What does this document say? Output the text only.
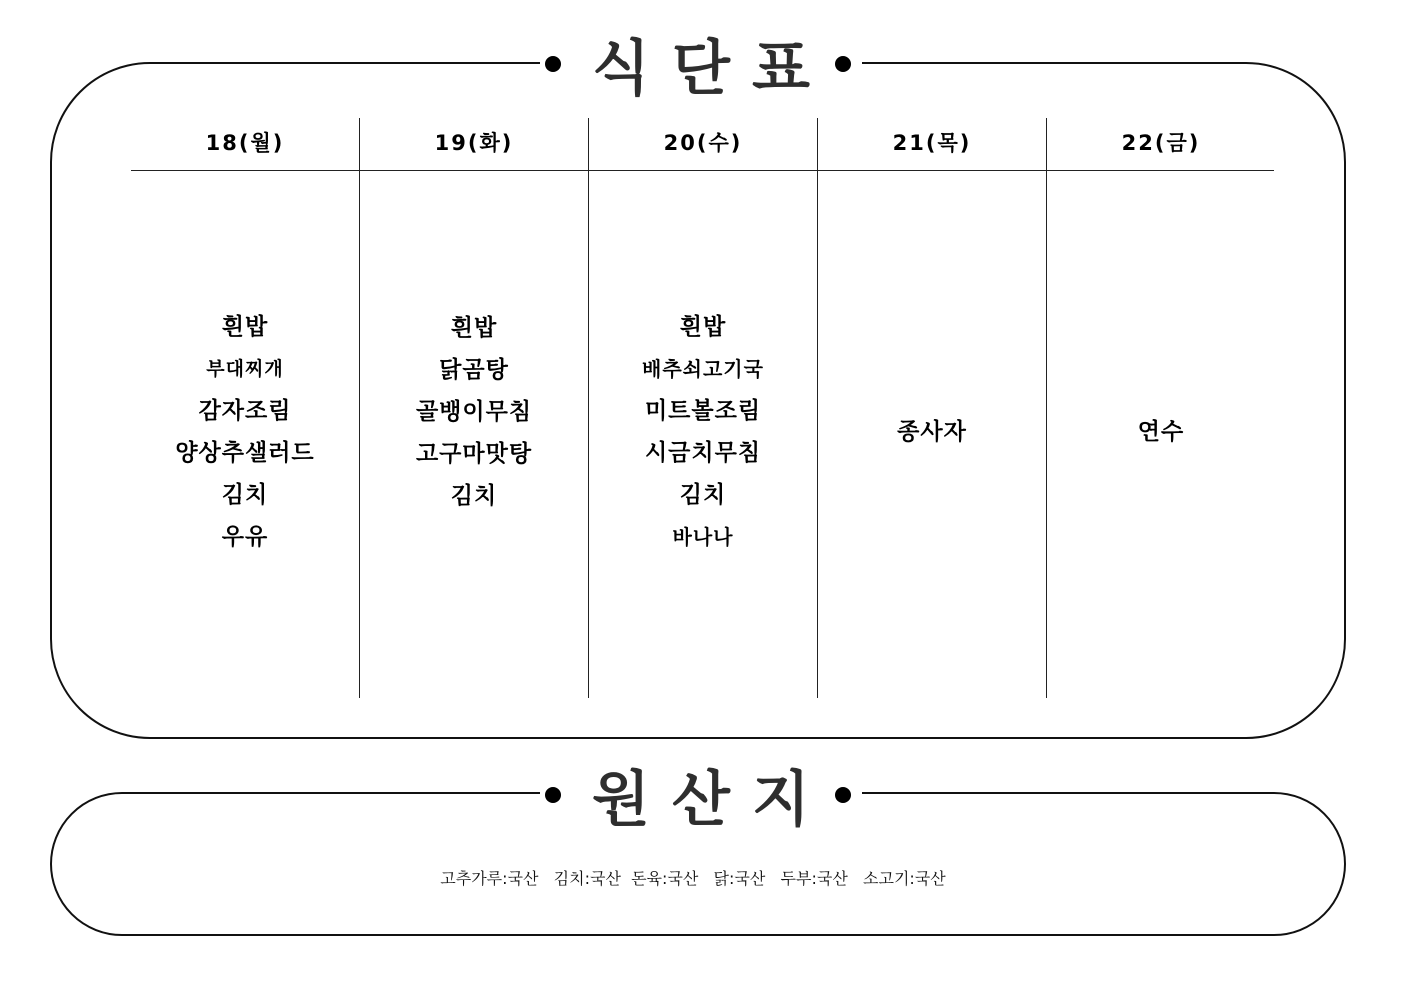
식단표
18(월)
흰밥
부대찌개
감자조림
양상추샐러드
김치
우유
19(화)
흰밥
닭곰탕
골뱅이무침
고구마맛탕
김치
20(수)
흰밥
배추쇠고기국
미트볼조림
시금치무침
김치
바나나
21(목)
종사자
22(금)
연수
원산지
고추가루:국산   김치:국산  돈육:국산   닭:국산   두부:국산   소고기:국산
